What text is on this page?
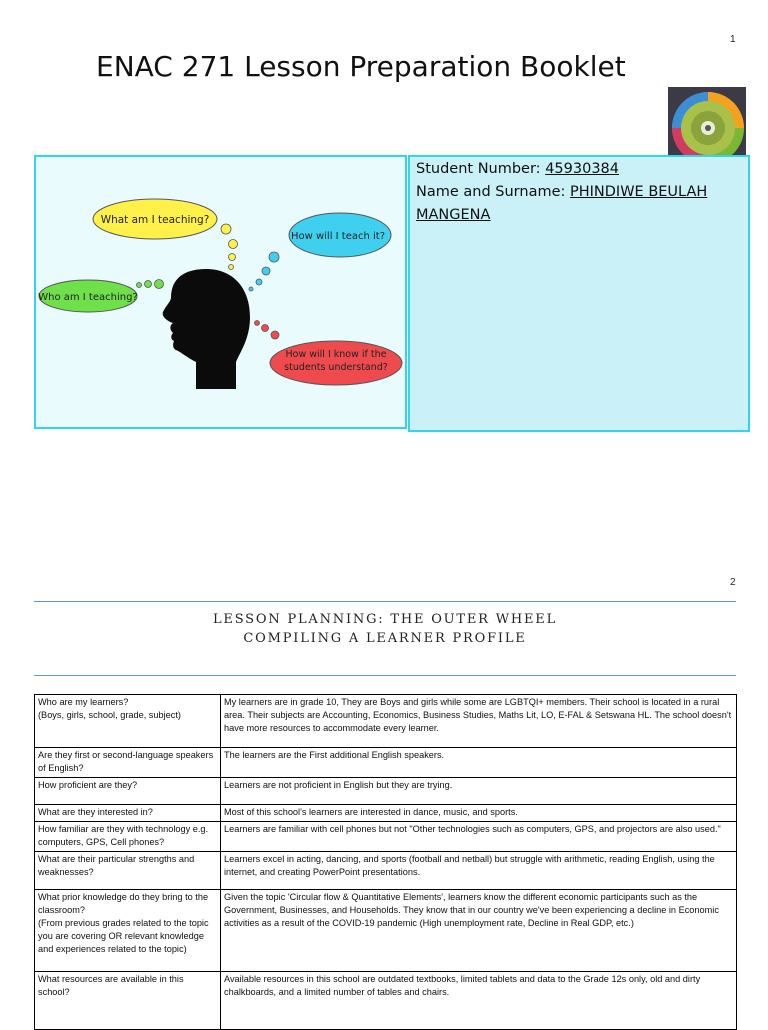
1
ENAC 271 Lesson Preparation Booklet
What am I teaching?
How will I teach it?
Who am I teaching?
How will I know if the students understand?
Student Number: 45930384
Name and Surname: PHINDIWE BEULAH
MANGENA
2
LESSON PLANNING: THE OUTER WHEEL
COMPILING A LEARNER PROFILE
Who are my learners?
(Boys, girls, school, grade, subject)	My learners are in grade 10, They are Boys and girls while some are LGBTQI+ members. Their school is located in a rural area. Their subjects are Accounting, Economics, Business Studies, Maths Lit, LO, E-FAL & Setswana HL. The school doesn't have more resources to accommodate every learner.
Are they first or second-language speakers of English?	The learners are the First additional English speakers.
How proficient are they?	Learners are not proficient in English but they are trying.
What are they interested in?	Most of this school's learners are interested in dance, music, and sports.
How familiar are they with technology e.g. computers, GPS, Cell phones?	Learners are familiar with cell phones but not "Other technologies such as computers, GPS, and projectors are also used."
What are their particular strengths and weaknesses?	Learners excel in acting, dancing, and sports (football and netball) but struggle with arithmetic, reading English, using the internet, and creating PowerPoint presentations.

What prior knowledge do they bring to the classroom?
(From previous grades related to the topic you are covering OR relevant knowledge and experiences related to the topic)	Given the topic 'Circular flow & Quantitative Elements', learners know the different economic participants such as the Government, Businesses, and Households. They know that in our country we've been experiencing a decline in Economic activities as a result of the COVID-19 pandemic (High unemployment rate, Decline in Real GDP, etc.)
What resources are available in this school?	Available resources in this school are outdated textbooks, limited tablets and data to the Grade 12s only, old and dirty chalkboards, and a limited number of tables and chairs.
